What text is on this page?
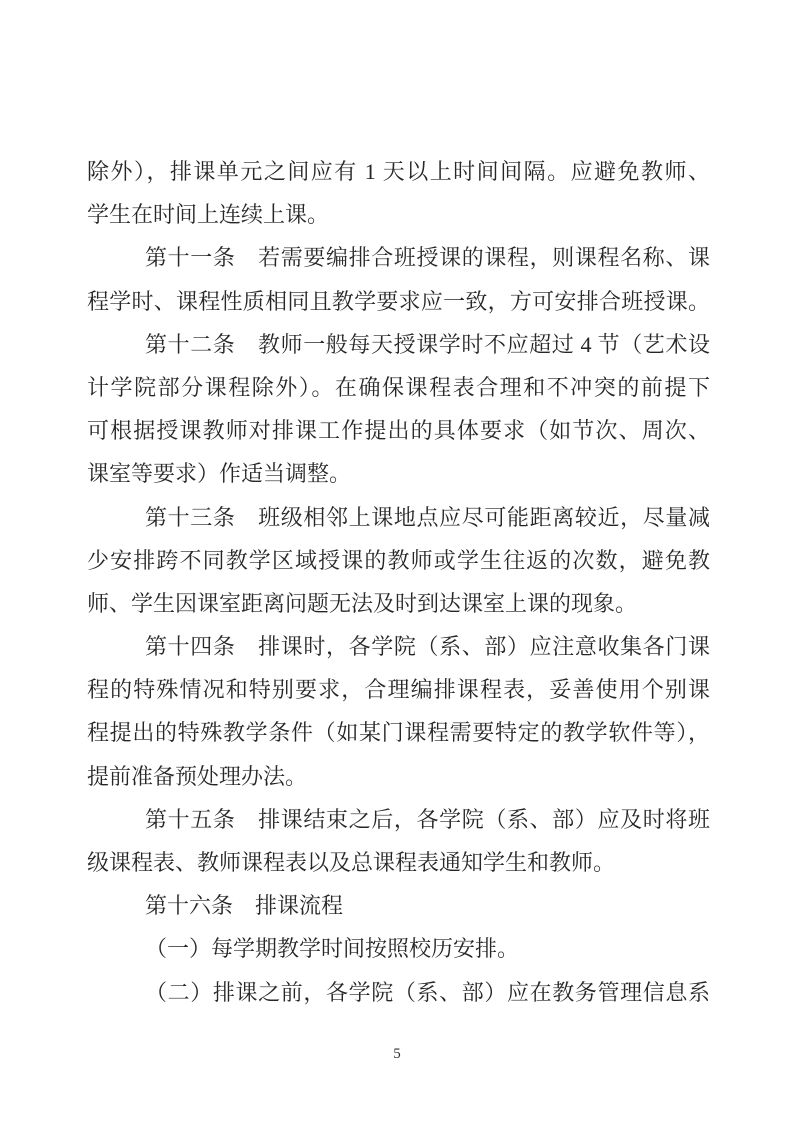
除外），排课单元之间应有 1 天以上时间间隔。应避免教师、
学生在时间上连续上课。
第十一条　若需要编排合班授课的课程，则课程名称、课
程学时、课程性质相同且教学要求应一致，方可安排合班授课。
第十二条　教师一般每天授课学时不应超过 4 节（艺术设
计学院部分课程除外）。在确保课程表合理和不冲突的前提下
可根据授课教师对排课工作提出的具体要求（如节次、周次、
课室等要求）作适当调整。
第十三条　班级相邻上课地点应尽可能距离较近，尽量减
少安排跨不同教学区域授课的教师或学生往返的次数，避免教
师、学生因课室距离问题无法及时到达课室上课的现象。
第十四条　排课时，各学院（系、部）应注意收集各门课
程的特殊情况和特别要求，合理编排课程表，妥善使用个别课
程提出的特殊教学条件（如某门课程需要特定的教学软件等），
提前准备预处理办法。
第十五条　排课结束之后，各学院（系、部）应及时将班
级课程表、教师课程表以及总课程表通知学生和教师。
第十六条　排课流程
（一）每学期教学时间按照校历安排。
（二）排课之前，各学院（系、部）应在教务管理信息系
5
